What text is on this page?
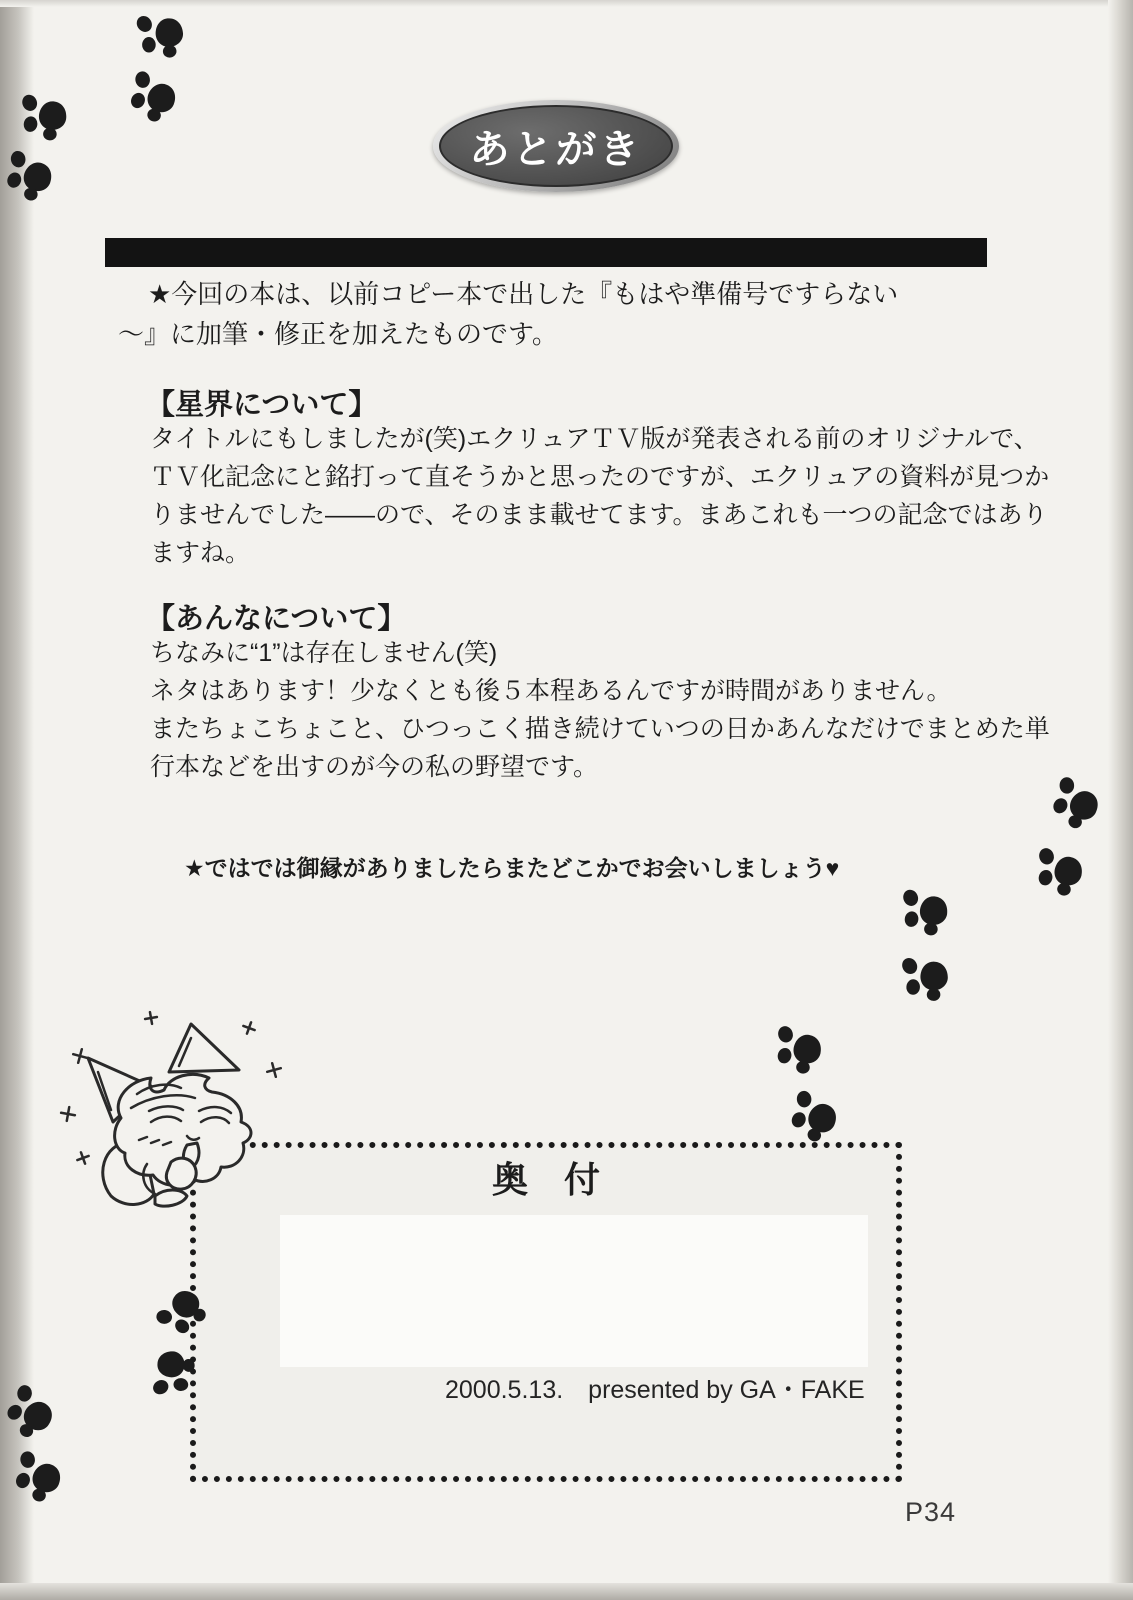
あとがき
★今回の本は、以前コピー本で出した『もはや準備号ですらない
～』に加筆・修正を加えたものです。
【星界について】
タイトルにもしましたが(笑)エクリュアＴＶ版が発表される前のオリジナルで、
ＴＶ化記念にと銘打って直そうかと思ったのですが、エクリュアの資料が見つか
りませんでした――ので、そのまま載せてます。まあこれも一つの記念ではあり
ますね。
【あんなについて】
ちなみに“1”は存在しません(笑)
ネタはあります！少なくとも後５本程あるんですが時間がありません。
またちょこちょこと、ひつっこく描き続けていつの日かあんなだけでまとめた単
行本などを出すのが今の私の野望です。
★ではでは御縁がありましたらまたどこかでお会いしましょう♥
奥　付
2000.5.13.　presented by GA・FAKE
P34
